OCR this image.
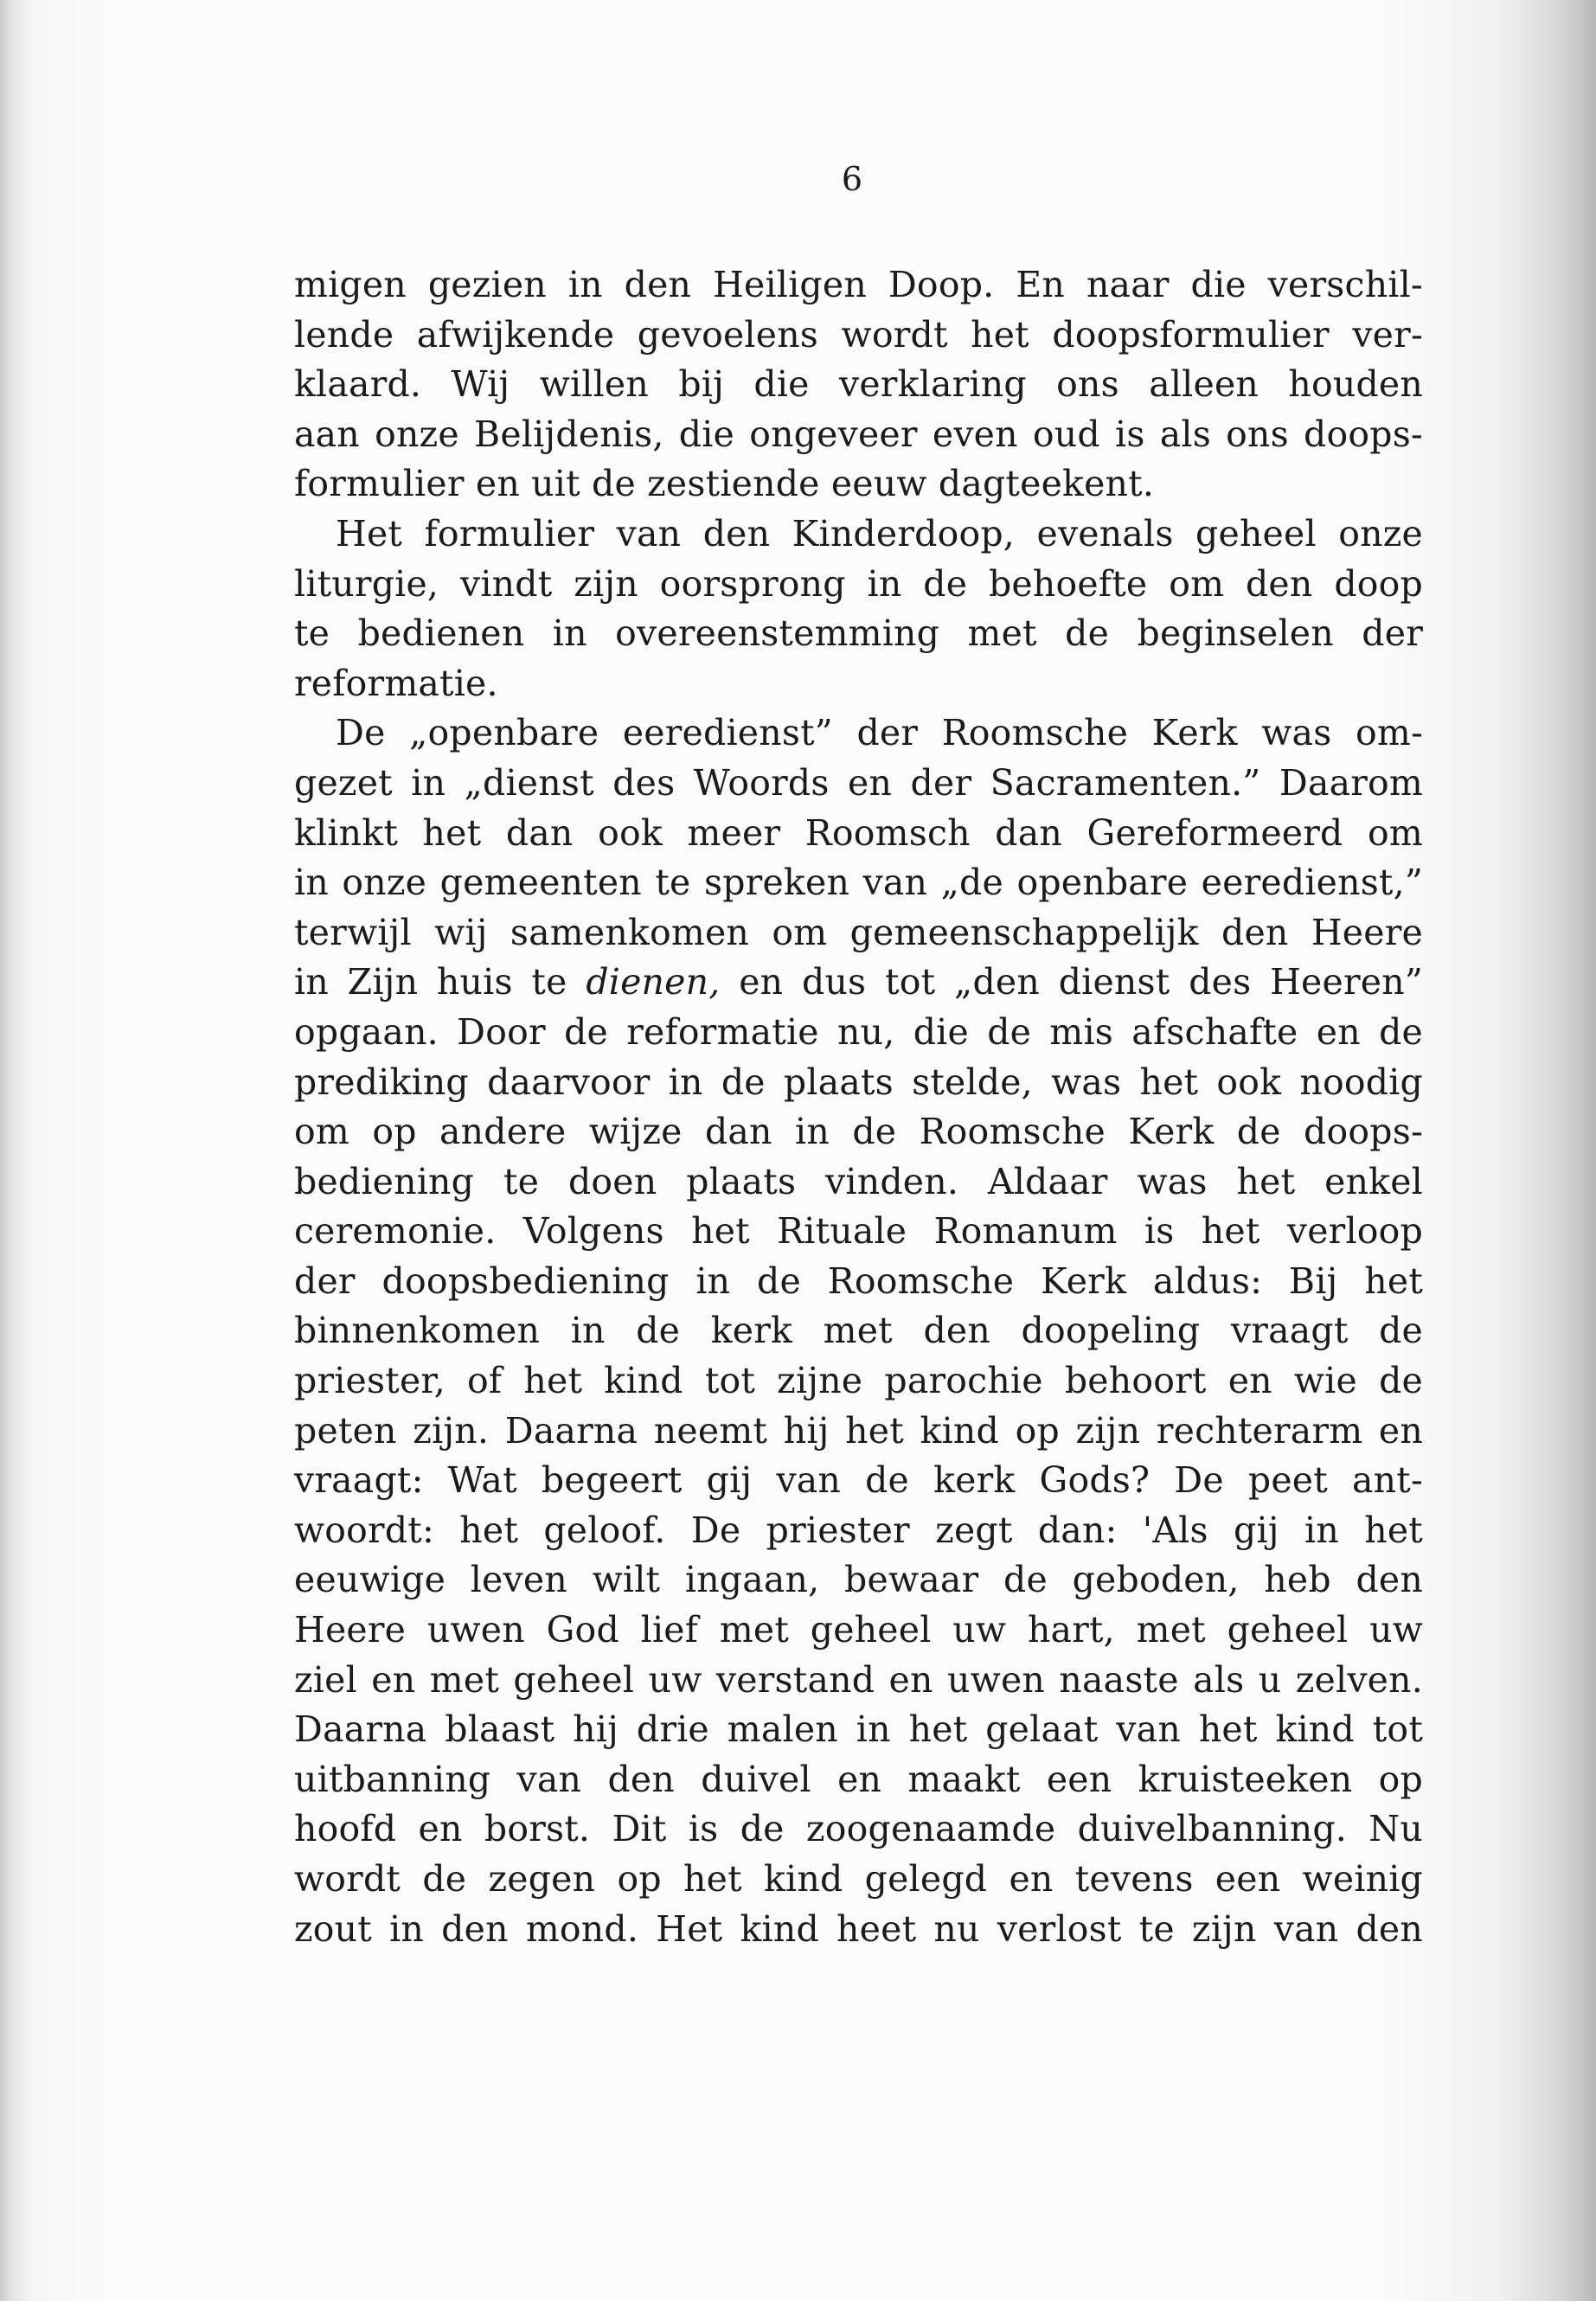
6
migen gezien in den Heiligen Doop. En naar die verschil-
lende afwijkende gevoelens wordt het doopsformulier ver-
klaard. Wij willen bij die verklaring ons alleen houden
aan onze Belijdenis, die ongeveer even oud is als ons doops-
formulier en uit de zestiende eeuw dagteekent.
Het formulier van den Kinderdoop, evenals geheel onze
liturgie, vindt zijn oorsprong in de behoefte om den doop
te bedienen in overeenstemming met de beginselen der
reformatie.
De „openbare eeredienst” der Roomsche Kerk was om-
gezet in „dienst des Woords en der Sacramenten.” Daarom
klinkt het dan ook meer Roomsch dan Gereformeerd om
in onze gemeenten te spreken van „de openbare eeredienst,”
terwijl wij samenkomen om gemeenschappelijk den Heere
in Zijn huis te dienen, en dus tot „den dienst des Heeren”
opgaan. Door de reformatie nu, die de mis afschafte en de
prediking daarvoor in de plaats stelde, was het ook noodig
om op andere wijze dan in de Roomsche Kerk de doops-
bediening te doen plaats vinden. Aldaar was het enkel
ceremonie. Volgens het Rituale Romanum is het verloop
der doopsbediening in de Roomsche Kerk aldus: Bij het
binnenkomen in de kerk met den doopeling vraagt de
priester, of het kind tot zijne parochie behoort en wie de
peten zijn. Daarna neemt hij het kind op zijn rechterarm en
vraagt: Wat begeert gij van de kerk Gods? De peet ant-
woordt: het geloof. De priester zegt dan: 'Als gij in het
eeuwige leven wilt ingaan, bewaar de geboden, heb den
Heere uwen God lief met geheel uw hart, met geheel uw
ziel en met geheel uw verstand en uwen naaste als u zelven.
Daarna blaast hij drie malen in het gelaat van het kind tot
uitbanning van den duivel en maakt een kruisteeken op
hoofd en borst. Dit is de zoogenaamde duivelbanning. Nu
wordt de zegen op het kind gelegd en tevens een weinig
zout in den mond. Het kind heet nu verlost te zijn van den
